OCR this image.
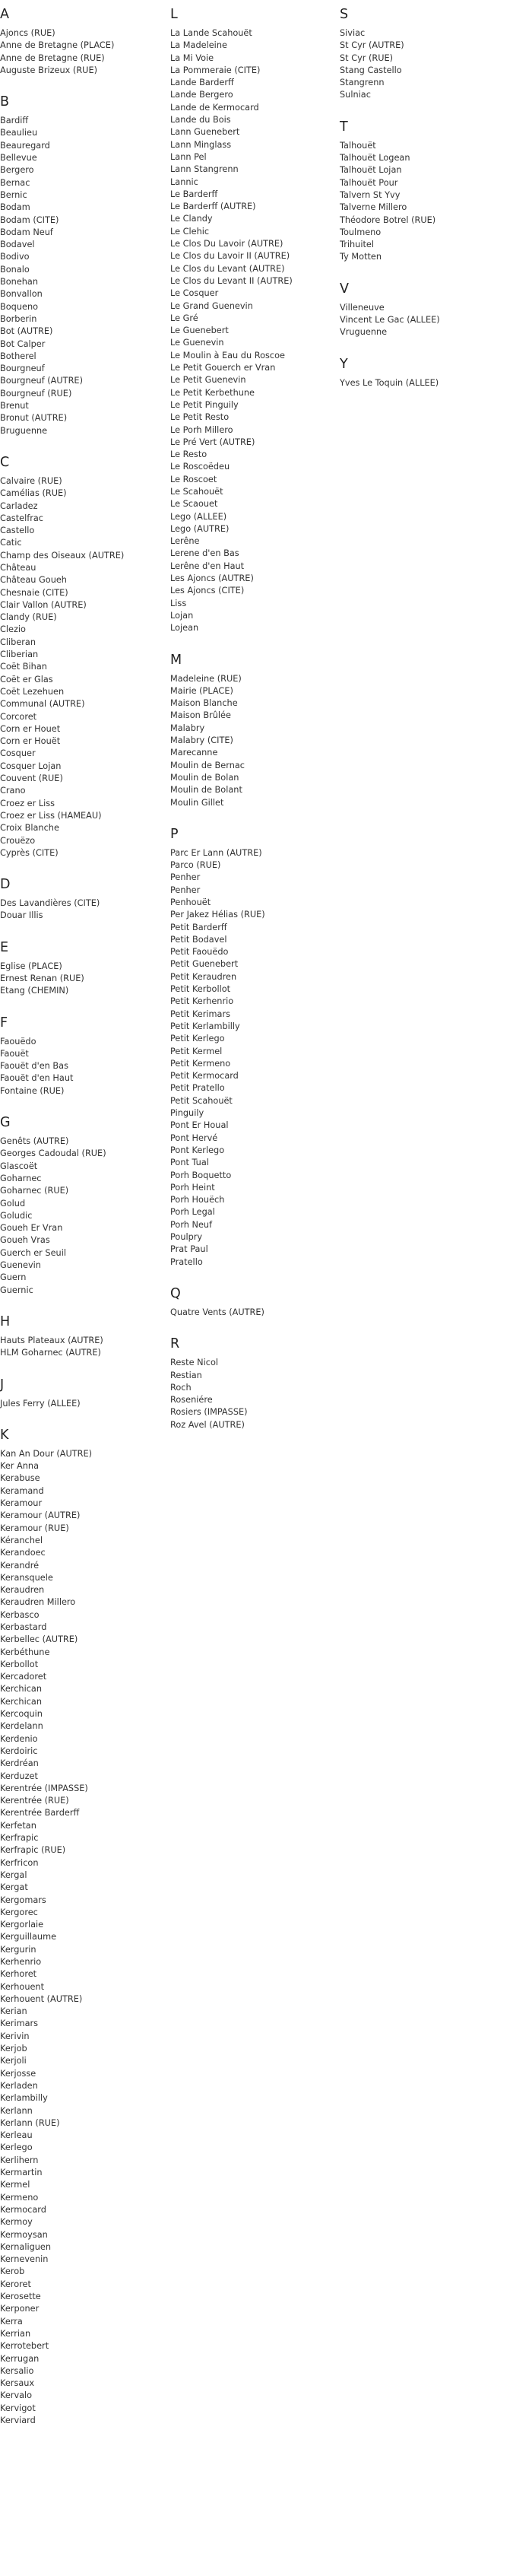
A
Ajoncs (RUE)
Anne de Bretagne (PLACE)
Anne de Bretagne (RUE)
Auguste Brizeux (RUE)
B
Bardiff
Beaulieu
Beauregard
Bellevue
Bergero
Bernac
Bernic
Bodam
Bodam (CITE)
Bodam Neuf
Bodavel
Bodivo
Bonalo
Bonehan
Bonvallon
Boqueno
Borberin
Bot (AUTRE)
Bot Calper
Botherel
Bourgneuf
Bourgneuf (AUTRE)
Bourgneuf (RUE)
Brenut
Bronut (AUTRE)
Bruguenne
C
Calvaire (RUE)
Camélias (RUE)
Carladez
Castelfrac
Castello
Catic
Champ des Oiseaux (AUTRE)
Château
Château Goueh
Chesnaie (CITE)
Clair Vallon (AUTRE)
Clandy (RUE)
Clezio
Cliberan
Cliberian
Coët Bihan
Coët er Glas
Coët Lezehuen
Communal (AUTRE)
Corcoret
Corn er Houet
Corn er Houët
Cosquer
Cosquer Lojan
Couvent (RUE)
Crano
Croez er Liss
Croez er Liss (HAMEAU)
Croix Blanche
Crouëzo
Cyprès (CITE)
D
Des Lavandières (CITE)
Douar Illis
E
Eglise (PLACE)
Ernest Renan (RUE)
Etang (CHEMIN)
F
Faouëdo
Faouët
Faouët d'en Bas
Faouët d'en Haut
Fontaine (RUE)
G
Genêts (AUTRE)
Georges Cadoudal (RUE)
Glascoët
Goharnec
Goharnec (RUE)
Golud
Goludic
Goueh Er Vran
Goueh Vras
Guerch er Seuil
Guenevin
Guern
Guernic
H
Hauts Plateaux (AUTRE)
HLM Goharnec (AUTRE)
J
Jules Ferry (ALLEE)
K
Kan An Dour (AUTRE)
Ker Anna
Kerabuse
Keramand
Keramour
Keramour (AUTRE)
Keramour (RUE)
Kéranchel
Kerandoec
Kerandré
Keransquele
Keraudren
Keraudren Millero
Kerbasco
Kerbastard
Kerbellec (AUTRE)
Kerbéthune
Kerbollot
Kercadoret
Kerchican
Kerchican
Kercoquin
Kerdelann
Kerdenio
Kerdoiric
Kerdréan
Kerduzet
Kerentrée (IMPASSE)
Kerentrée (RUE)
Kerentrée Barderff
Kerfetan
Kerfrapic
Kerfrapic (RUE)
Kerfricon
Kergal
Kergat
Kergomars
Kergorec
Kergorlaie
Kerguillaume
Kergurin
Kerhenrio
Kerhoret
Kerhouent
Kerhouent (AUTRE)
Kerian
Kerimars
Kerivin
Kerjob
Kerjoli
Kerjosse
Kerladen
Kerlambilly
Kerlann
Kerlann (RUE)
Kerleau
Kerlego
Kerlihern
Kermartin
Kermel
Kermeno
Kermocard
Kermoy
Kermoysan
Kernaliguen
Kernevenin
Kerob
Keroret
Kerosette
Kerponer
Kerra
Kerrian
Kerrotebert
Kerrugan
Kersalio
Kersaux
Kervalo
Kervigot
Kerviard
L
La Lande Scahouët
La Madeleine
La Mi Voie
La Pommeraie (CITE)
Lande Barderff
Lande Bergero
Lande de Kermocard
Lande du Bois
Lann Guenebert
Lann Minglass
Lann Pel
Lann Stangrenn
Lannic
Le Barderff
Le Barderff (AUTRE)
Le Clandy
Le Clehic
Le Clos Du Lavoir (AUTRE)
Le Clos du Lavoir II (AUTRE)
Le Clos du Levant (AUTRE)
Le Clos du Levant II (AUTRE)
Le Cosquer
Le Grand Guenevin
Le Gré
Le Guenebert
Le Guenevin
Le Moulin à Eau du Roscoe
Le Petit Gouerch er Vran
Le Petit Guenevin
Le Petit Kerbethune
Le Petit Pinguily
Le Petit Resto
Le Porh Millero
Le Pré Vert (AUTRE)
Le Resto
Le Roscoëdeu
Le Roscoet
Le Scahouët
Le Scaouet
Lego (ALLEE)
Lego (AUTRE)
Lerêne
Lerene d'en Bas
Lerêne d'en Haut
Les Ajoncs (AUTRE)
Les Ajoncs (CITE)
Liss
Lojan
Lojean
M
Madeleine (RUE)
Mairie (PLACE)
Maison Blanche
Maison Brûlée
Malabry
Malabry (CITE)
Marecanne
Moulin de Bernac
Moulin de Bolan
Moulin de Bolant
Moulin Gillet
P
Parc Er Lann (AUTRE)
Parco (RUE)
Penher
Penher
Penhouët
Per Jakez Hélias (RUE)
Petit Barderff
Petit Bodavel
Petit Faouëdo
Petit Guenebert
Petit Keraudren
Petit Kerbollot
Petit Kerhenrio
Petit Kerimars
Petit Kerlambilly
Petit Kerlego
Petit Kermel
Petit Kermeno
Petit Kermocard
Petit Pratello
Petit Scahouët
Pinguily
Pont Er Houal
Pont Hervé
Pont Kerlego
Pont Tual
Porh Boquetto
Porh Heint
Porh Houëch
Porh Legal
Porh Neuf
Poulpry
Prat Paul
Pratello
Q
Quatre Vents (AUTRE)
R
Reste Nicol
Restian
Roch
Roseniére
Rosiers (IMPASSE)
Roz Avel (AUTRE)
S
Siviac
St Cyr (AUTRE)
St Cyr (RUE)
Stang Castello
Stangrenn
Sulniac
T
Talhouët
Talhouët Logean
Talhouët Lojan
Talhouët Pour
Talvern St Yvy
Talverne Millero
Théodore Botrel (RUE)
Toulmeno
Trihuitel
Ty Motten
V
Villeneuve
Vincent Le Gac (ALLEE)
Vruguenne
Y
Yves Le Toquin (ALLEE)
